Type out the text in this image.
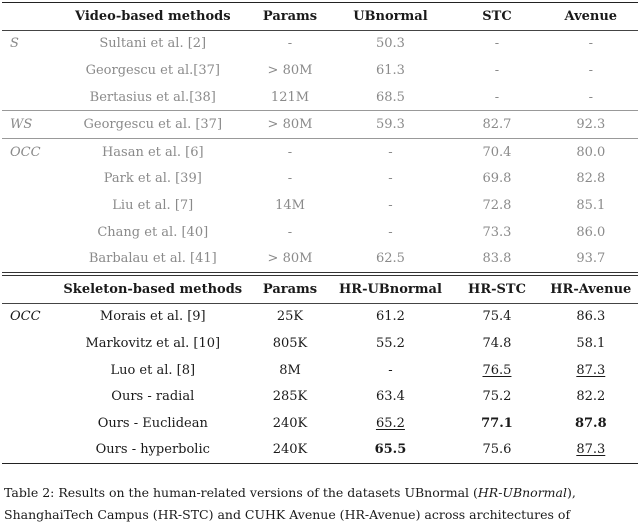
	Video-based methods	Params	UBnormal	STC	Avenue
S	Sultani et al. [2]	-	50.3	-	-
	Georgescu et al.[37]	> 80M	61.3	-	-
	Bertasius et al.[38]	121M	68.5	-	-
WS	Georgescu et al. [37]	> 80M	59.3	82.7	92.3
OCC	Hasan et al. [6]	-	-	70.4	80.0
	Park et al. [39]	-	-	69.8	82.8
	Liu et al. [7]	14M	-	72.8	85.1
	Chang et al. [40]	-	-	73.3	86.0
	Barbalau et al. [41]	> 80M	62.5	83.8	93.7
	Skeleton-based methods	Params	HR-UBnormal	HR-STC	HR-Avenue
OCC	Morais et al. [9]	25K	61.2	75.4	86.3
	Markovitz et al. [10]	805K	55.2	74.8	58.1
	Luo et al. [8]	8M	-	76.5	87.3
	Ours - radial	285K	63.4	75.2	82.2
	Ours - Euclidean	240K	65.2	77.1	87.8
	Ours - hyperbolic	240K	65.5	75.6	87.3
Table 2: Results on the human-related versions of the datasets UBnormal (HR-UBnormal),
ShanghaiTech Campus (HR-STC) and CUHK Avenue (HR-Avenue) across architectures of
